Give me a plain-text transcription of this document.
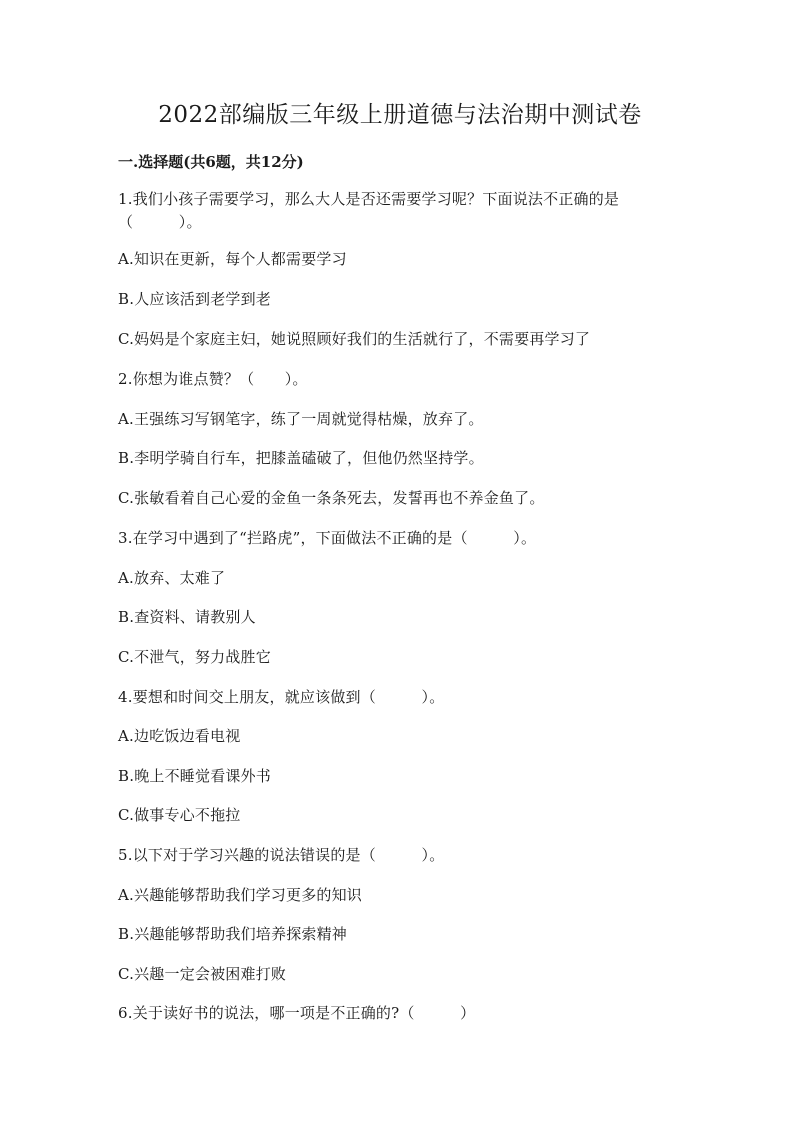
2022部编版三年级上册道德与法治期中测试卷
一.选择题(共6题，共12分)
1.我们小孩子需要学习，那么大人是否还需要学习呢？下面说法不正确的是
（　　　）。
A.知识在更新，每个人都需要学习
B.人应该活到老学到老
C.妈妈是个家庭主妇，她说照顾好我们的生活就行了，不需要再学习了
2.你想为谁点赞？（　　）。
A.王强练习写钢笔字，练了一周就觉得枯燥，放弃了。
B.李明学骑自行车，把膝盖磕破了，但他仍然坚持学。
C.张敏看着自己心爱的金鱼一条条死去，发誓再也不养金鱼了。
3.在学习中遇到了“拦路虎”，下面做法不正确的是（　　　）。
A.放弃、太难了
B.查资料、请教别人
C.不泄气，努力战胜它
4.要想和时间交上朋友，就应该做到（　　　）。
A.边吃饭边看电视
B.晚上不睡觉看课外书
C.做事专心不拖拉
5.以下对于学习兴趣的说法错误的是（　　　）。
A.兴趣能够帮助我们学习更多的知识
B.兴趣能够帮助我们培养探索精神
C.兴趣一定会被困难打败
6.关于读好书的说法，哪一项是不正确的?（　　　）
